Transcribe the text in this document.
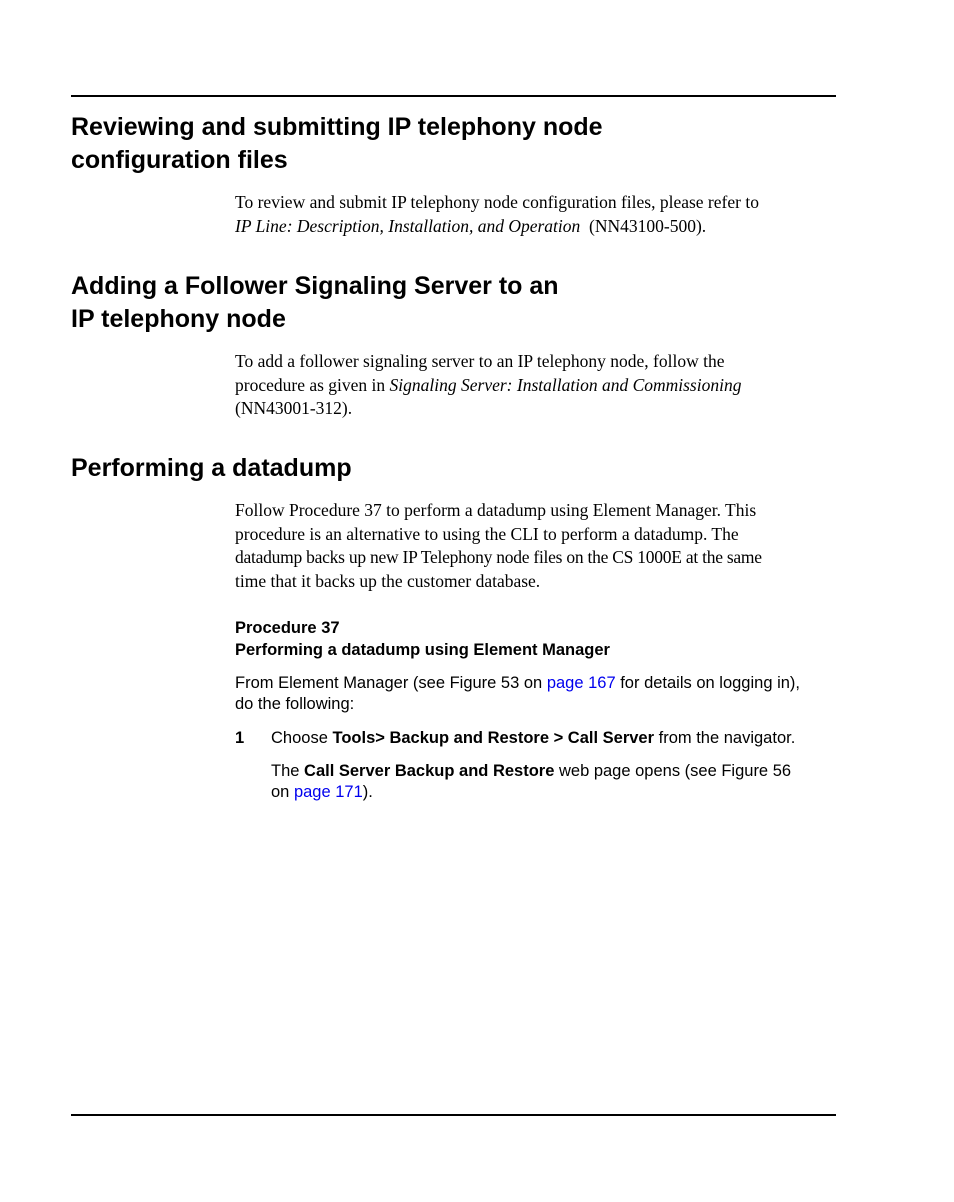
Reviewing and submitting IP telephony node
configuration files
To review and submit IP telephony node configuration files, please refer to
IP Line: Description, Installation, and Operation  (NN43100-500).
Adding a Follower Signaling Server to an
IP telephony node
To add a follower signaling server to an IP telephony node, follow the
procedure as given in Signaling Server: Installation and Commissioning
(NN43001-312).
Performing a datadump
Follow Procedure 37 to perform a datadump using Element Manager. This
procedure is an alternative to using the CLI to perform a datadump. The
datadump backs up new IP Telephony node files on the CS 1000E at the same
time that it backs up the customer database.
Procedure 37
Performing a datadump using Element Manager
From Element Manager (see Figure 53 on page 167 for details on logging in),
do the following:
1 Choose Tools> Backup and Restore > Call Server from the navigator.
The Call Server Backup and Restore web page opens (see Figure 56
on page 171).
